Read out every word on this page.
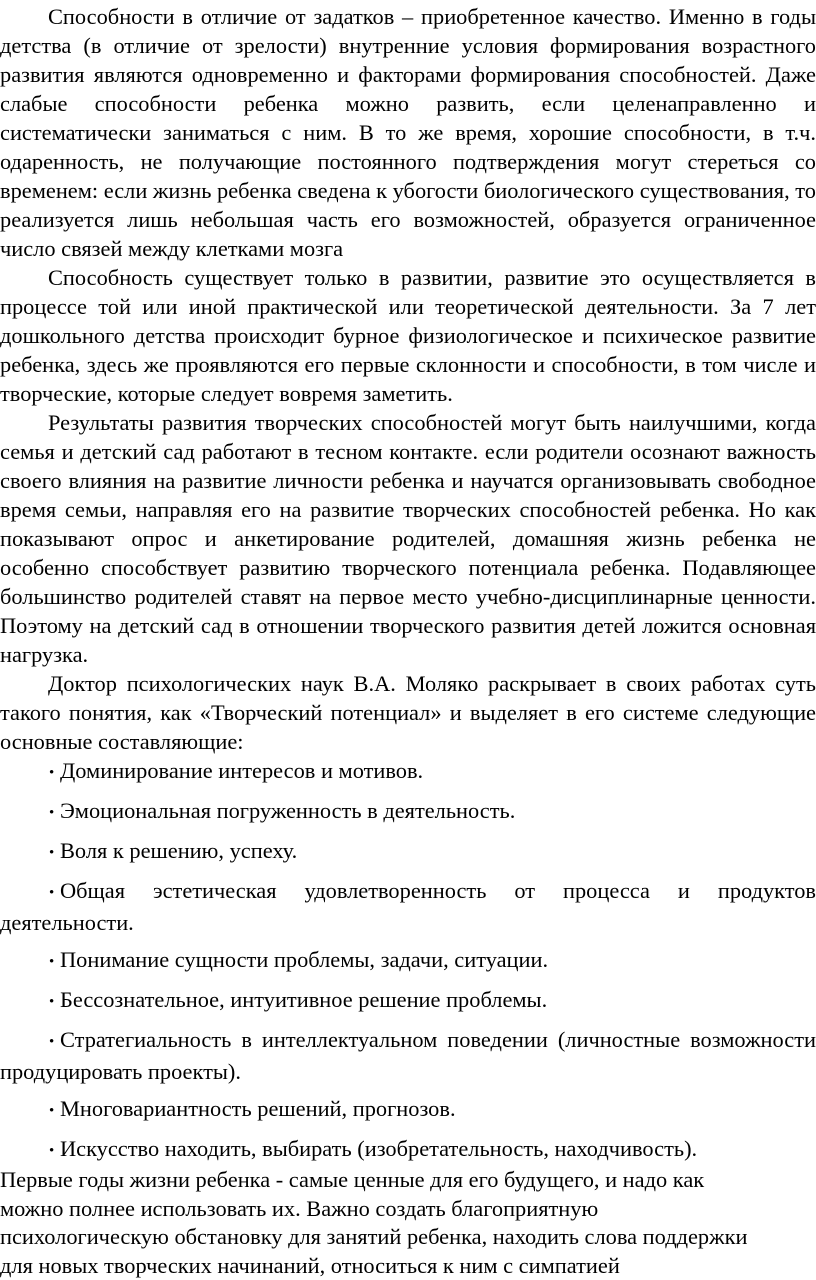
Способности в отличие от задатков – приобретенное качество. Именно в годы детства (в отличие от зрелости) внутренние условия формирования возрастного развития являются одновременно и факторами формирования способностей. Даже слабые способности ребенка можно развить, если целенаправленно и систематически заниматься с ним. В то же время, хорошие способности, в т.ч. одаренность, не получающие постоянного подтверждения могут стереться со временем: если жизнь ребенка сведена к убогости биологического существования, то реализуется лишь небольшая часть его возможностей, образуется ограниченное число связей между клетками мозга

Способность существует только в развитии, развитие это осуществляется в процессе той или иной практической или теоретической деятельности. За 7 лет дошкольного детства происходит бурное физиологическое и психическое развитие ребенка, здесь же проявляются его первые склонности и способности, в том числе и творческие, которые следует вовремя заметить.

Результаты развития творческих способностей могут быть наилучшими, когда семья и детский сад работают в тесном контакте. если родители осознают важность своего влияния на развитие личности ребенка и научатся организовывать свободное время семьи, направляя его на развитие творческих способностей ребенка. Но как показывают опрос и анкетирование родителей, домашняя жизнь ребенка не особенно способствует развитию творческого потенциала ребенка. Подавляющее большинство родителей ставят на первое место учебно-дисциплинарные ценности. Поэтому на детский сад в отношении творческого развития детей ложится основная нагрузка.

Доктор психологических наук В.А. Моляко раскрывает в своих работах суть такого понятия, как «Творческий потенциал» и выделяет в его системе следующие основные составляющие:

• Доминирование интересов и мотивов.

• Эмоциональная погруженность в деятельность.

• Воля к решению, успеху.

• Общая эстетическая удовлетворенность от процесса и продуктов деятельности.

• Понимание сущности проблемы, задачи, ситуации.

• Бессознательное, интуитивное решение проблемы.

• Стратегиальность в интеллектуальном поведении (личностные возможности продуцировать проекты).

• Многовариантность решений, прогнозов.

• Искусство находить, выбирать (изобретательность, находчивость).

Первые годы жизни ребенка - самые ценные для его будущего, и надо как можно полнее использовать их. Важно создать благоприятную психологическую обстановку для занятий ребенка, находить слова поддержки для новых творческих начинаний, относиться к ним с симпатией
